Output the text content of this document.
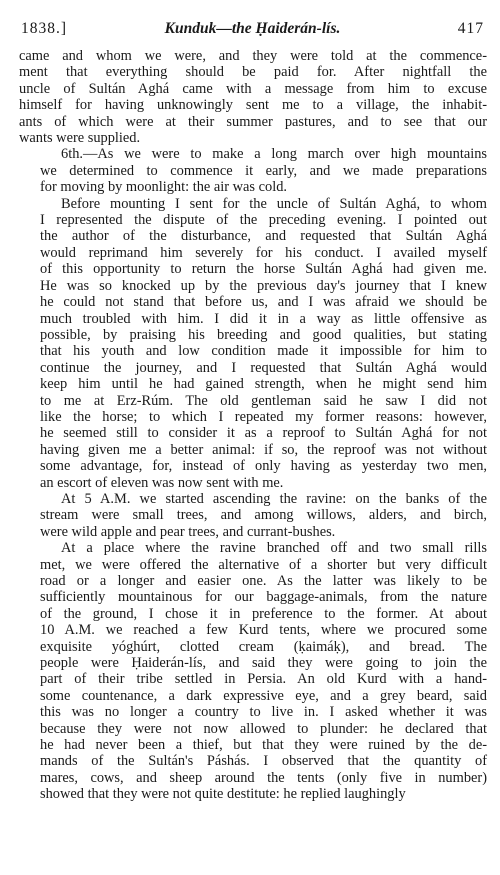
1838.]	Kunduk—the Ḥaiderán-lís.	417
came and whom we were, and they were told at the commence-
ment that everything should be paid for. After nightfall the
uncle of Sultán Aghá came with a message from him to excuse
himself for having unknowingly sent me to a village, the inhabit-
ants of which were at their summer pastures, and to see that our
wants were supplied.
6th.—As we were to make a long march over high mountains
we determined to commence it early, and we made preparations
for moving by moonlight: the air was cold.
Before mounting I sent for the uncle of Sultán Aghá, to whom
I represented the dispute of the preceding evening. I pointed out
the author of the disturbance, and requested that Sultán Aghá
would reprimand him severely for his conduct. I availed myself
of this opportunity to return the horse Sultán Aghá had given me.
He was so knocked up by the previous day's journey that I knew
he could not stand that before us, and I was afraid we should be
much troubled with him. I did it in a way as little offensive as
possible, by praising his breeding and good qualities, but stating
that his youth and low condition made it impossible for him to
continue the journey, and I requested that Sultán Aghá would
keep him until he had gained strength, when he might send him
to me at Erz-Rúm. The old gentleman said he saw I did not
like the horse; to which I repeated my former reasons: however,
he seemed still to consider it as a reproof to Sultán Aghá for not
having given me a better animal: if so, the reproof was not without
some advantage, for, instead of only having as yesterday two men,
an escort of eleven was now sent with me.
At 5 A.M. we started ascending the ravine: on the banks of the
stream were small trees, and among willows, alders, and birch,
were wild apple and pear trees, and currant-bushes.
At a place where the ravine branched off and two small rills
met, we were offered the alternative of a shorter but very difficult
road or a longer and easier one. As the latter was likely to be
sufficiently mountainous for our baggage-animals, from the nature
of the ground, I chose it in preference to the former. At about
10 A.M. we reached a few Kurd tents, where we procured some
exquisite yóghúrt, clotted cream (ḳaimáḳ), and bread. The
people were Ḥaiderán-lís, and said they were going to join the
part of their tribe settled in Persia. An old Kurd with a hand-
some countenance, a dark expressive eye, and a grey beard, said
this was no longer a country to live in. I asked whether it was
because they were not now allowed to plunder: he declared that
he had never been a thief, but that they were ruined by the de-
mands of the Sultán's Páshás. I observed that the quantity of
mares, cows, and sheep around the tents (only five in number)
showed that they were not quite destitute: he replied laughingly
